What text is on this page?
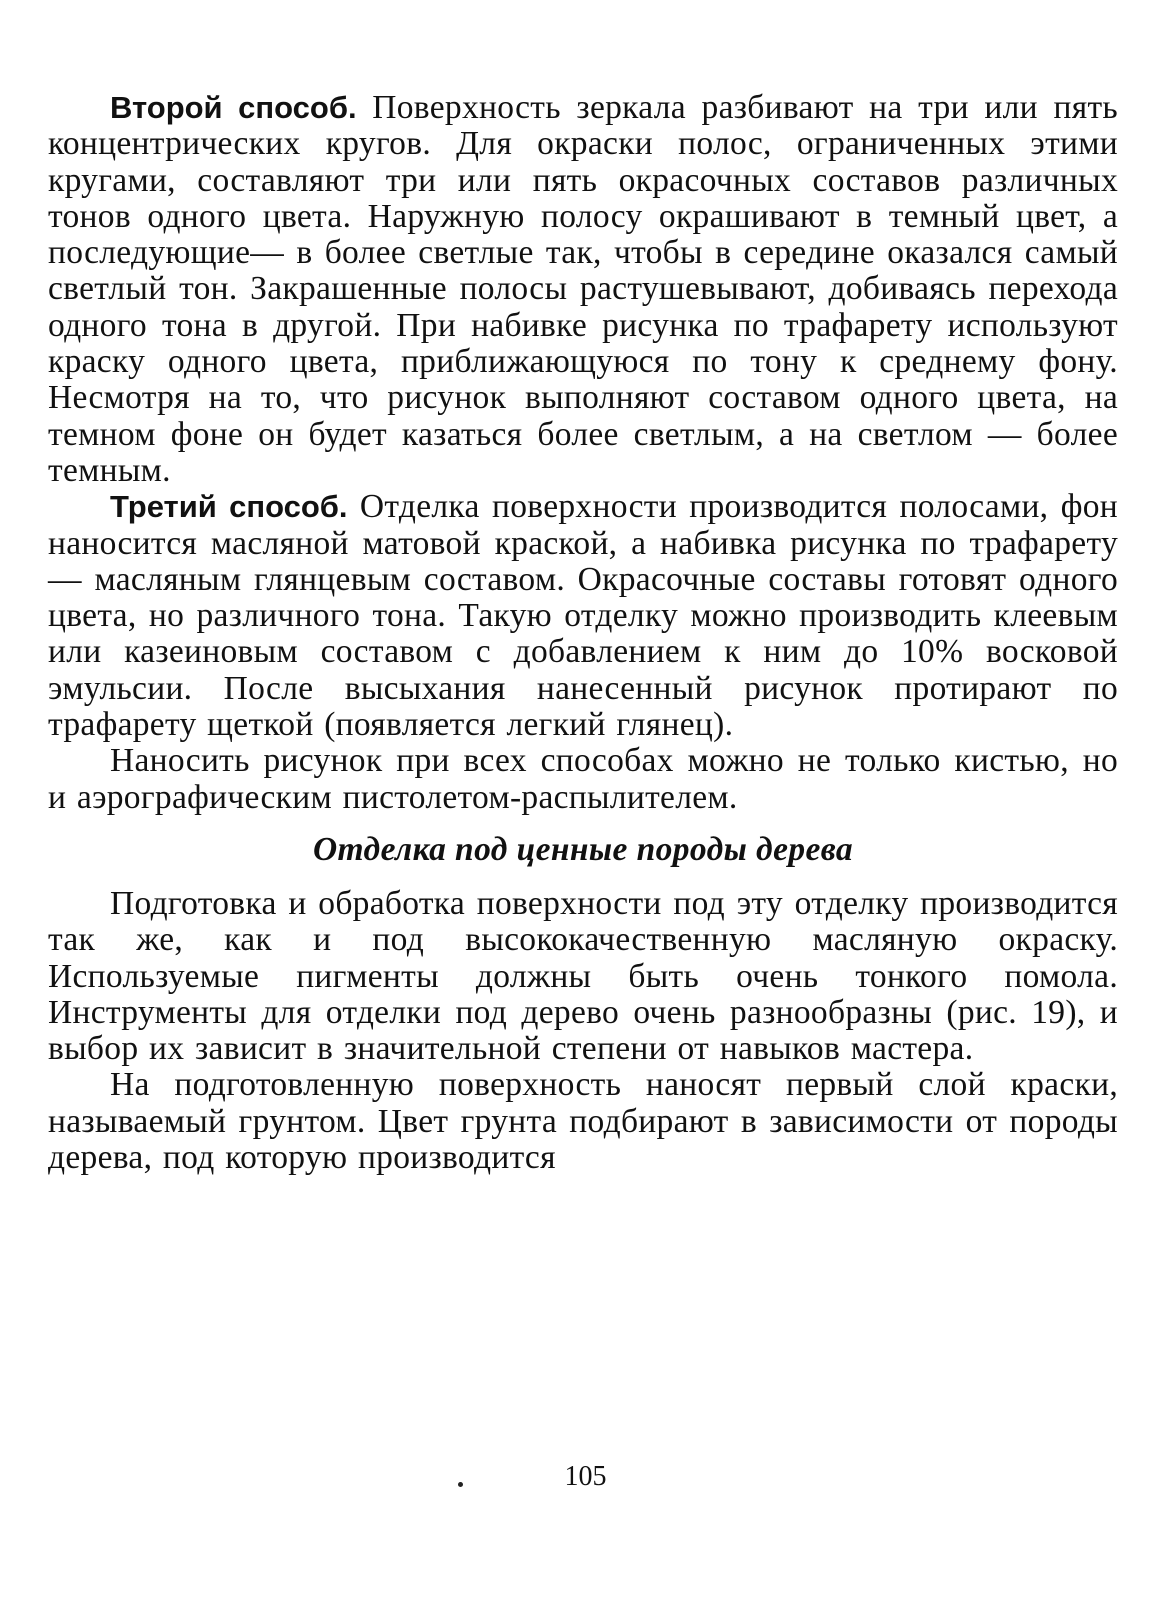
Второй способ. Поверхность зеркала разбивают на три или пять концентрических кругов. Для окраски полос, ограниченных этими кругами, составляют три или пять окрасочных составов различных тонов одного цвета. Наружную полосу окрашивают в темный цвет, а последующие— в более светлые так, чтобы в середине оказался самый светлый тон. Закрашенные полосы растушевывают, добиваясь перехода одного тона в другой. При набивке рисунка по трафарету используют краску одного цвета, приближающуюся по тону к среднему фону. Несмотря на то, что рисунок выполняют составом одного цвета, на темном фоне он будет казаться более светлым, а на светлом — более темным.

Третий способ. Отделка поверхности производится полосами, фон наносится масляной матовой краской, а набивка рисунка по трафарету — масляным глянцевым составом. Окрасочные составы готовят одного цвета, но различного тона. Такую отделку можно производить клеевым или казеиновым составом с добавлением к ним до 10% восковой эмульсии. После высыхания нанесенный рисунок протирают по трафарету щеткой (появляется легкий глянец).

Наносить рисунок при всех способах можно не только кистью, но и аэрографическим пистолетом-распылителем.

Отделка под ценные породы дерева

Подготовка и обработка поверхности под эту отделку производится так же, как и под высококачественную масляную окраску. Используемые пигменты должны быть очень тонкого помола. Инструменты для отделки под дерево очень разнообразны (рис. 19), и выбор их зависит в значительной степени от навыков мастера.

На подготовленную поверхность наносят первый слой краски, называемый грунтом. Цвет грунта подбирают в зависимости от породы дерева, под которую производится

105
